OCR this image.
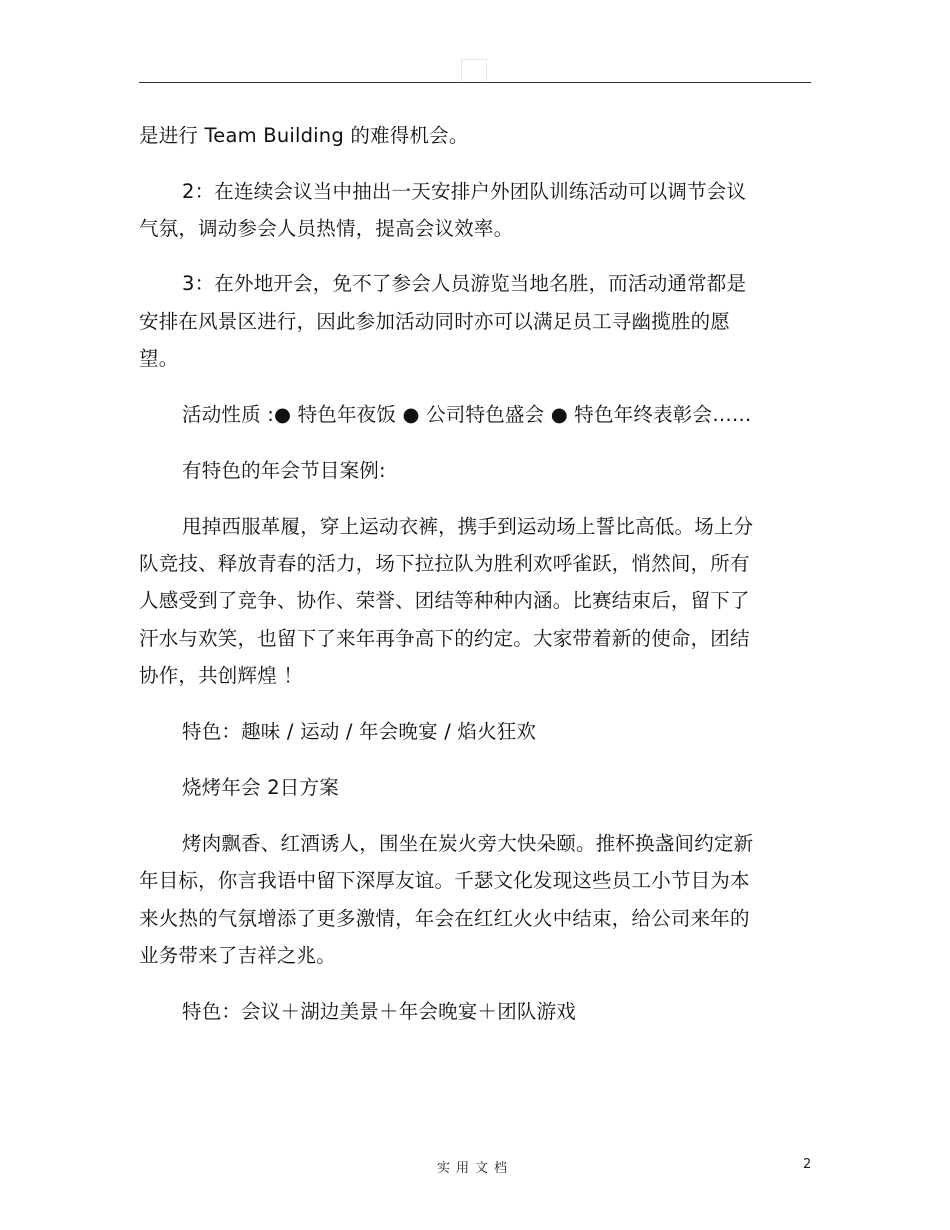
是进行 Team Building 的难得机会。
2：在连续会议当中抽出一天安排户外团队训练活动可以调节会议
气氛，调动参会人员热情，提高会议效率。
3：在外地开会，免不了参会人员游览当地名胜，而活动通常都是
安排在风景区进行，因此参加活动同时亦可以满足员工寻幽揽胜的愿
望。
活动性质 :● 特色年夜饭 ● 公司特色盛会 ● 特色年终表彰会……
有特色的年会节目案例:
甩掉西服革履，穿上运动衣裤，携手到运动场上誓比高低。场上分
队竞技、释放青春的活力，场下拉拉队为胜利欢呼雀跃，悄然间，所有
人感受到了竞争、协作、荣誉、团结等种种内涵。比赛结束后，留下了
汗水与欢笑，也留下了来年再争高下的约定。大家带着新的使命，团结
协作，共创辉煌 ！
特色：趣味 / 运动 / 年会晚宴 / 焰火狂欢
烧烤年会 2日方案
烤肉飘香、红酒诱人，围坐在炭火旁大快朵颐。推杯换盏间约定新
年目标，你言我语中留下深厚友谊。千瑟文化发现这些员工小节目为本
来火热的气氛增添了更多激情，年会在红红火火中结束，给公司来年的
业务带来了吉祥之兆。
特色：会议＋湖边美景＋年会晚宴＋团队游戏
实用文档	2
